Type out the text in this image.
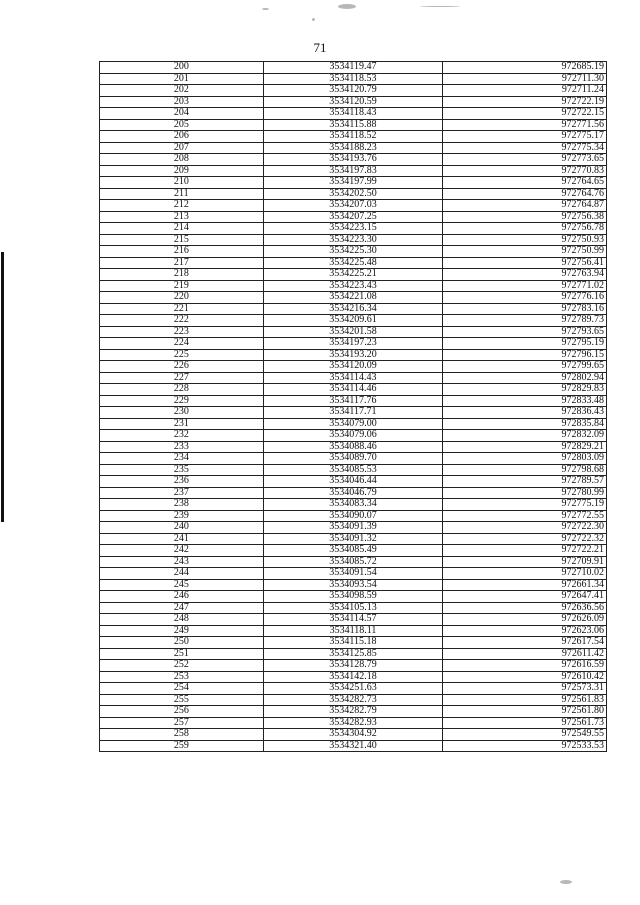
71
200	3534119.47	972685.19
201	3534118.53	972711.30
202	3534120.79	972711.24
203	3534120.59	972722.19
204	3534118.43	972722.15
205	3534115.88	972771.56
206	3534118.52	972775.17
207	3534188.23	972775.34
208	3534193.76	972773.65
209	3534197.83	972770.83
210	3534197.99	972764.65
211	3534202.50	972764.76
212	3534207.03	972764.87
213	3534207.25	972756.38
214	3534223.15	972756.78
215	3534223.30	972750.93
216	3534225.30	972750.99
217	3534225.48	972756.41
218	3534225.21	972763.94
219	3534223.43	972771.02
220	3534221.08	972776.16
221	3534216.34	972783.16
222	3534209.61	972789.73
223	3534201.58	972793.65
224	3534197.23	972795.19
225	3534193.20	972796.15
226	3534120.09	972799.65
227	3534114.43	972802.94
228	3534114.46	972829.83
229	3534117.76	972833.48
230	3534117.71	972836.43
231	3534079.00	972835.84
232	3534079.06	972832.09
233	3534088.46	972829.21
234	3534089.70	972803.09
235	3534085.53	972798.68
236	3534046.44	972789.57
237	3534046.79	972780.99
238	3534083.34	972775.19
239	3534090.07	972772.55
240	3534091.39	972722.30
241	3534091.32	972722.32
242	3534085.49	972722.21
243	3534085.72	972709.91
244	3534091.54	972710.02
245	3534093.54	972661.34
246	3534098.59	972647.41
247	3534105.13	972636.56
248	3534114.57	972626.09
249	3534118.11	972623.06
250	3534115.18	972617.54
251	3534125.85	972611.42
252	3534128.79	972616.59
253	3534142.18	972610.42
254	3534251.63	972573.31
255	3534282.73	972561.83
256	3534282.79	972561.80
257	3534282.93	972561.73
258	3534304.92	972549.55
259	3534321.40	972533.53
